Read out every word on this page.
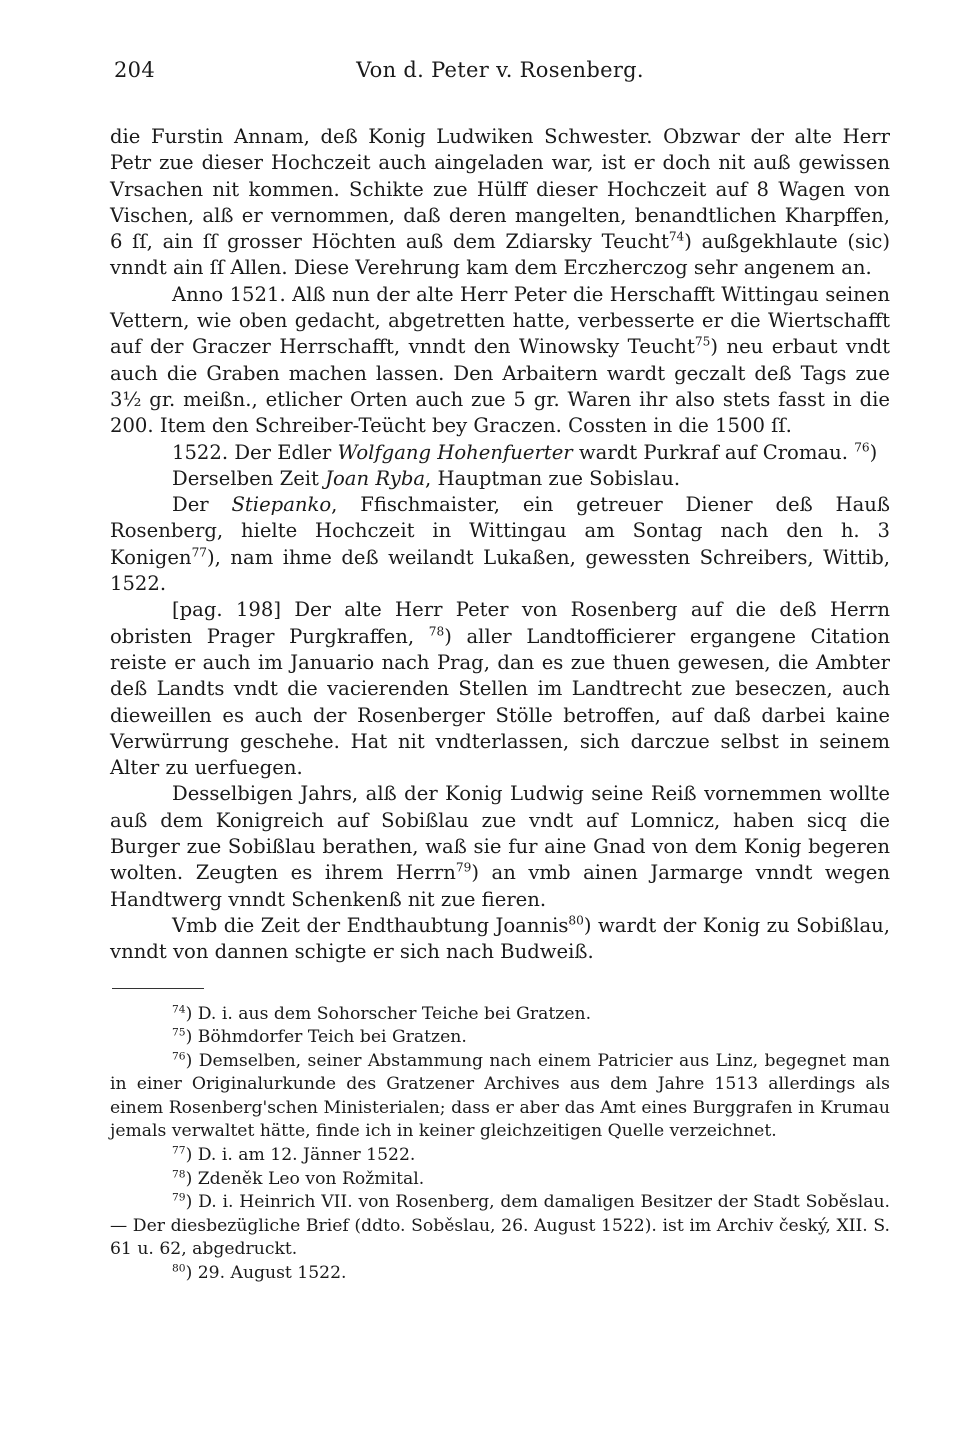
204	Von d. Peter v. Rosenberg.

die Furstin Annam, deß Konig Ludwiken Schwester. Obzwar der alte Herr Petr zue dieser Hochczeit auch aingeladen war, ist er doch nit auß gewissen Vrsachen nit kommen. Schikte zue Hülff dieser Hochczeit auf 8 Wagen von Vischen, alß er vernommen, daß deren mangelten, benandtlichen Kharpffen, 6 ſſ, ain ſſ grosser Höchten auß dem Zdiarsky Teucht$^{74}$) außgekhlaute (sic) vnndt ain ſſ Allen. Diese Verehrung kam dem Erczherczog sehr angenem an.

Anno 1521. Alß nun der alte Herr Peter die Herschafft Wittingau seinen Vettern, wie oben gedacht, abgetretten hatte, verbesserte er die Wiertschafft auf der Graczer Herrschafft, vnndt den Winowsky Teucht$^{75}$) neu erbaut vndt auch die Graben machen lassen. Den Arbaitern wardt geczalt deß Tags zue 3½ gr. meißn., etlicher Orten auch zue 5 gr. Waren ihr also stets fasst in die 200. Item den Schreiber-Teücht bey Graczen. Cossten in die 1500 ſſ.

1522. Der Edler Wolfgang Hohenfuerter wardt Purkraf auf Cromau. $^{76}$)

Derselben Zeit Joan Ryba, Hauptman zue Sobislau.

Der Stiepanko, Ffischmaister, ein getreuer Diener deß Hauß Rosenberg, hielte Hochczeit in Wittingau am Sontag nach den h. 3 Konigen$^{77}$), nam ihme deß weilandt Lukaßen, gewessten Schreibers, Wittib, 1522.

[pag. 198] Der alte Herr Peter von Rosenberg auf die deß Herrn obristen Prager Purgkraffen, $^{78}$) aller Landtofficierer ergangene Citation reiste er auch im Januario nach Prag, dan es zue thuen gewesen, die Ambter deß Landts vndt die vacierenden Stellen im Landtrecht zue beseczen, auch dieweillen es auch der Rosenberger Stölle betroffen, auf daß darbei kaine Verwürrung geschehe. Hat nit vndterlassen, sich darczue selbst in seinem Alter zu uerfuegen.

Desselbigen Jahrs, alß der Konig Ludwig seine Reiß vornemmen wollte auß dem Konigreich auf Sobißlau zue vndt auf Lomnicz, haben sicq die Burger zue Sobißlau berathen, waß sie fur aine Gnad von dem Konig begeren wolten. Zeugten es ihrem Herrn$^{79}$) an vmb ainen Jarmarge vnndt wegen Handtwerg vnndt Schenkenß nit zue fieren.

Vmb die Zeit der Endthaubtung Joannis$^{80}$) wardt der Konig zu Sobißlau, vnndt von dannen schigte er sich nach Budweiß.

$^{74}$) D. i. aus dem Sohorscher Teiche bei Gratzen.

$^{75}$) Böhmdorfer Teich bei Gratzen.

$^{76}$) Demselben, seiner Abstammung nach einem Patricier aus Linz, begegnet man in einer Originalurkunde des Gratzener Archives aus dem Jahre 1513 allerdings als einem Rosenberg'schen Ministerialen; dass er aber das Amt eines Burggrafen in Krumau jemals verwaltet hätte, finde ich in keiner gleichzeitigen Quelle verzeichnet.

$^{77}$) D. i. am 12. Jänner 1522.

$^{78}$) Zdeněk Leo von Rožmital.

$^{79}$) D. i. Heinrich VII. von Rosenberg, dem damaligen Besitzer der Stadt Soběslau. — Der diesbezügliche Brief (ddto. Soběslau, 26. August 1522). ist im Archiv český, XII. S. 61 u. 62, abgedruckt.

$^{80}$) 29. August 1522.
